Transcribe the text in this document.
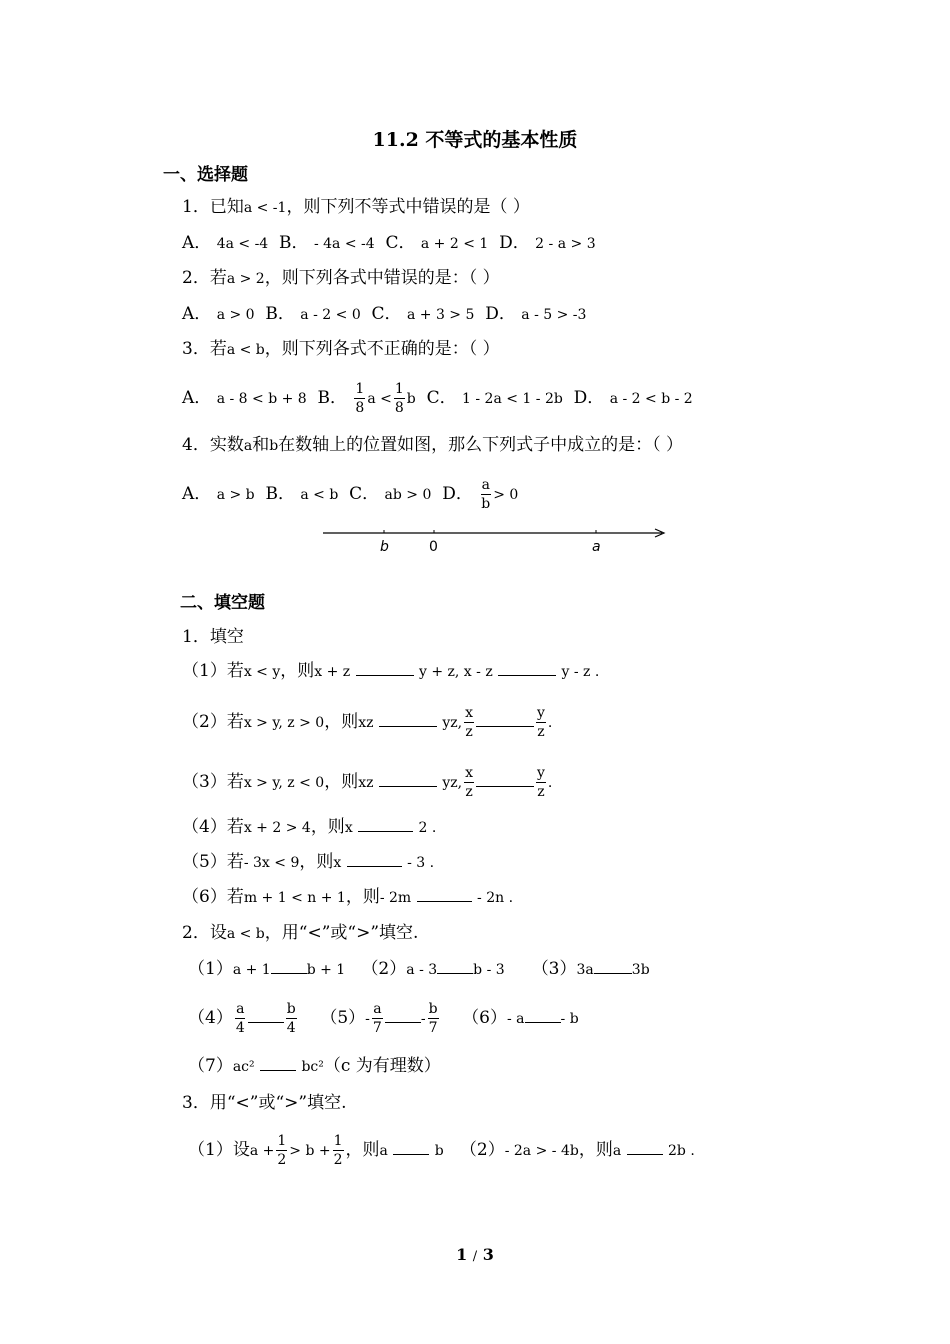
11.2 不等式的基本性质
一、选择题
1．已知a < -1，则下列不等式中错误的是（ ）
A． 4a < -4 B． - 4a < -4 C． a + 2 < 1 D． 2 - a > 3
2．若a > 2，则下列各式中错误的是：（ ）
A． a > 0 B． a - 2 < 0 C． a + 3 > 5 D． a - 5 > -3
3．若a < b，则下列各式不正确的是：（ ）
A． a - 8 < b + 8 B． $\frac{1}{8}$ $a < \frac{1}{8}$ b C． 1 - 2a < 1 - 2b D． a - 2 < b - 2
4．实数a和b在数轴上的位置如图，那么下列式子中成立的是：（ ）
A． a > b B． a < b C． ab > 0 D． $\frac{a}{b} > 0$
b	0	a
二、填空题
1．填空
（1）若x < y，则x + z	y + z, x - z	y - z .
（2）若x > y, z > 0，则xz	yz, $\frac{x}{z}$	$\frac{y}{z}$ .
（3）若x > y, z < 0，则xz	yz, $\frac{x}{z}$	$\frac{y}{z}$ .
（4）若x + 2 > 4，则x	2 .
（5）若- 3x < 9，则x	- 3 .
（6）若m + 1 < n + 1，则- 2m	- 2n .
2．设a < b，用“<”或“>”填空.
（1）a + 1	b + 1 （2）a - 3	b - 3 （3）3a	3b
$(4) \frac{a}{4}$	$\frac{b}{4} (5)- \frac{a}{7}$	- $\frac{b}{7} (6)-$ a	- b
（7）ac²	bc²（c 为有理数）
3．用“<”或“>”填空.
（1）设$a + \frac{1}{2} > b + \frac{1}{2}$ ，则a	b （2）- 2a > - 4b，则a	2b .
1 / 3
